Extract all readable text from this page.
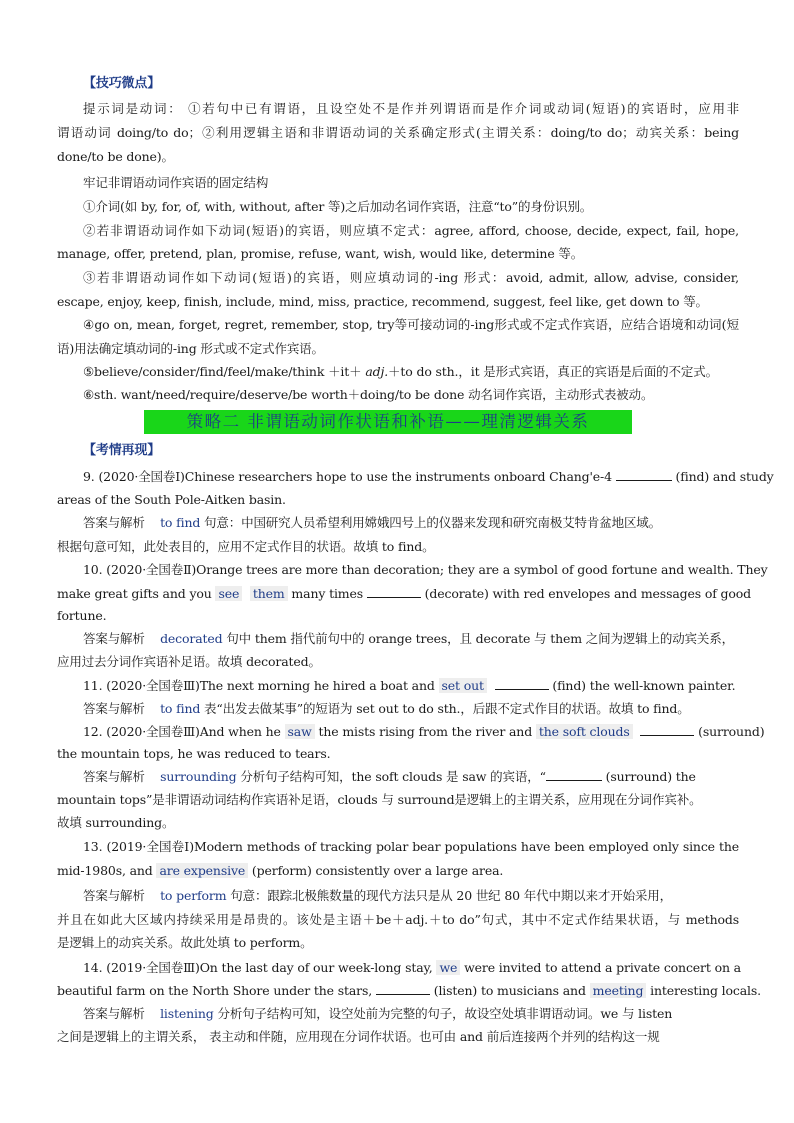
【技巧微点】
提示词是动词： ①若句中已有谓语，且设空处不是作并列谓语而是作介词或动词(短语)的宾语时，应用非
谓语动词 doing/to do；②利用逻辑主语和非谓语动词的关系确定形式(主谓关系：doing/to do；动宾关系：being
done/to be done)。
牢记非谓语动词作宾语的固定结构
①介词(如 by, for, of, with, without, after 等)之后加动名词作宾语，注意“to”的身份识别。
②若非谓语动词作如下动词(短语)的宾语，则应填不定式：agree, afford, choose, decide, expect, fail, hope,
manage, offer, pretend, plan, promise, refuse, want, wish, would like, determine 等。
③若非谓语动词作如下动词(短语)的宾语，则应填动词的-ing 形式：avoid, admit, allow, advise, consider,
escape, enjoy, keep, finish, include, mind, miss, practice, recommend, suggest, feel like, get down to 等。
④go on, mean, forget, regret, remember, stop, try等可接动词的-ing形式或不定式作宾语，应结合语境和动词(短
语)用法确定填动词的-ing 形式或不定式作宾语。
⑤believe/consider/find/feel/make/think ＋it＋ adj.＋to do sth.，it 是形式宾语，真正的宾语是后面的不定式。
⑥sth. want/need/require/deserve/be worth＋doing/to be done 动名词作宾语，主动形式表被动。
策略二 非谓语动词作状语和补语——理清逻辑关系
【考情再现】
9. (2020·全国卷Ⅰ)Chinese researchers hope to use the instruments onboard Chang'e-4	(find) and study
areas of the South Pole-Aitken basin.
答案与解析 to find 句意：中国研究人员希望利用嫦娥四号上的仪器来发现和研究南极艾特肯盆地区域。
根据句意可知，此处表目的，应用不定式作目的状语。故填 to find。
10. (2020·全国卷Ⅱ)Orange trees are more than decoration; they are a symbol of good fortune and wealth. They
make great gifts and you see them many times	(decorate) with red envelopes and messages of good
fortune.
答案与解析 decorated 句中 them 指代前句中的 orange trees，且 decorate 与 them 之间为逻辑上的动宾关系，
应用过去分词作宾语补足语。故填 decorated。
11. (2020·全国卷Ⅲ)The next morning he hired a boat and set out	(find) the well-known painter.
答案与解析 to find 表“出发去做某事”的短语为 set out to do sth.，后跟不定式作目的状语。故填 to find。
12. (2020·全国卷Ⅲ)And when he saw the mists rising from the river and the soft clouds	(surround)
the mountain tops, he was reduced to tears.
答案与解析 surrounding 分析句子结构可知，the soft clouds 是 saw 的宾语，“	(surround) the
mountain tops”是非谓语动词结构作宾语补足语，clouds 与 surround是逻辑上的主谓关系，应用现在分词作宾补。
故填 surrounding。
13. (2019·全国卷Ⅰ)Modern methods of tracking polar bear populations have been employed only since the
mid-1980s, and are expensive (perform) consistently over a large area.
答案与解析 to perform 句意：跟踪北极熊数量的现代方法只是从 20 世纪 80 年代中期以来才开始采用，
并且在如此大区域内持续采用是昂贵的。该处是主语＋be＋adj.＋to do”句式，其中不定式作结果状语，与 methods
是逻辑上的动宾关系。故此处填 to perform。
14. (2019·全国卷Ⅲ)On the last day of our week-long stay, we were invited to attend a private concert on a
beautiful farm on the North Shore under the stars,	(listen) to musicians and meeting interesting locals.
答案与解析 listening 分析句子结构可知，设空处前为完整的句子，故设空处填非谓语动词。we 与 listen
之间是逻辑上的主谓关系， 表主动和伴随，应用现在分词作状语。也可由 and 前后连接两个并列的结构这一规
